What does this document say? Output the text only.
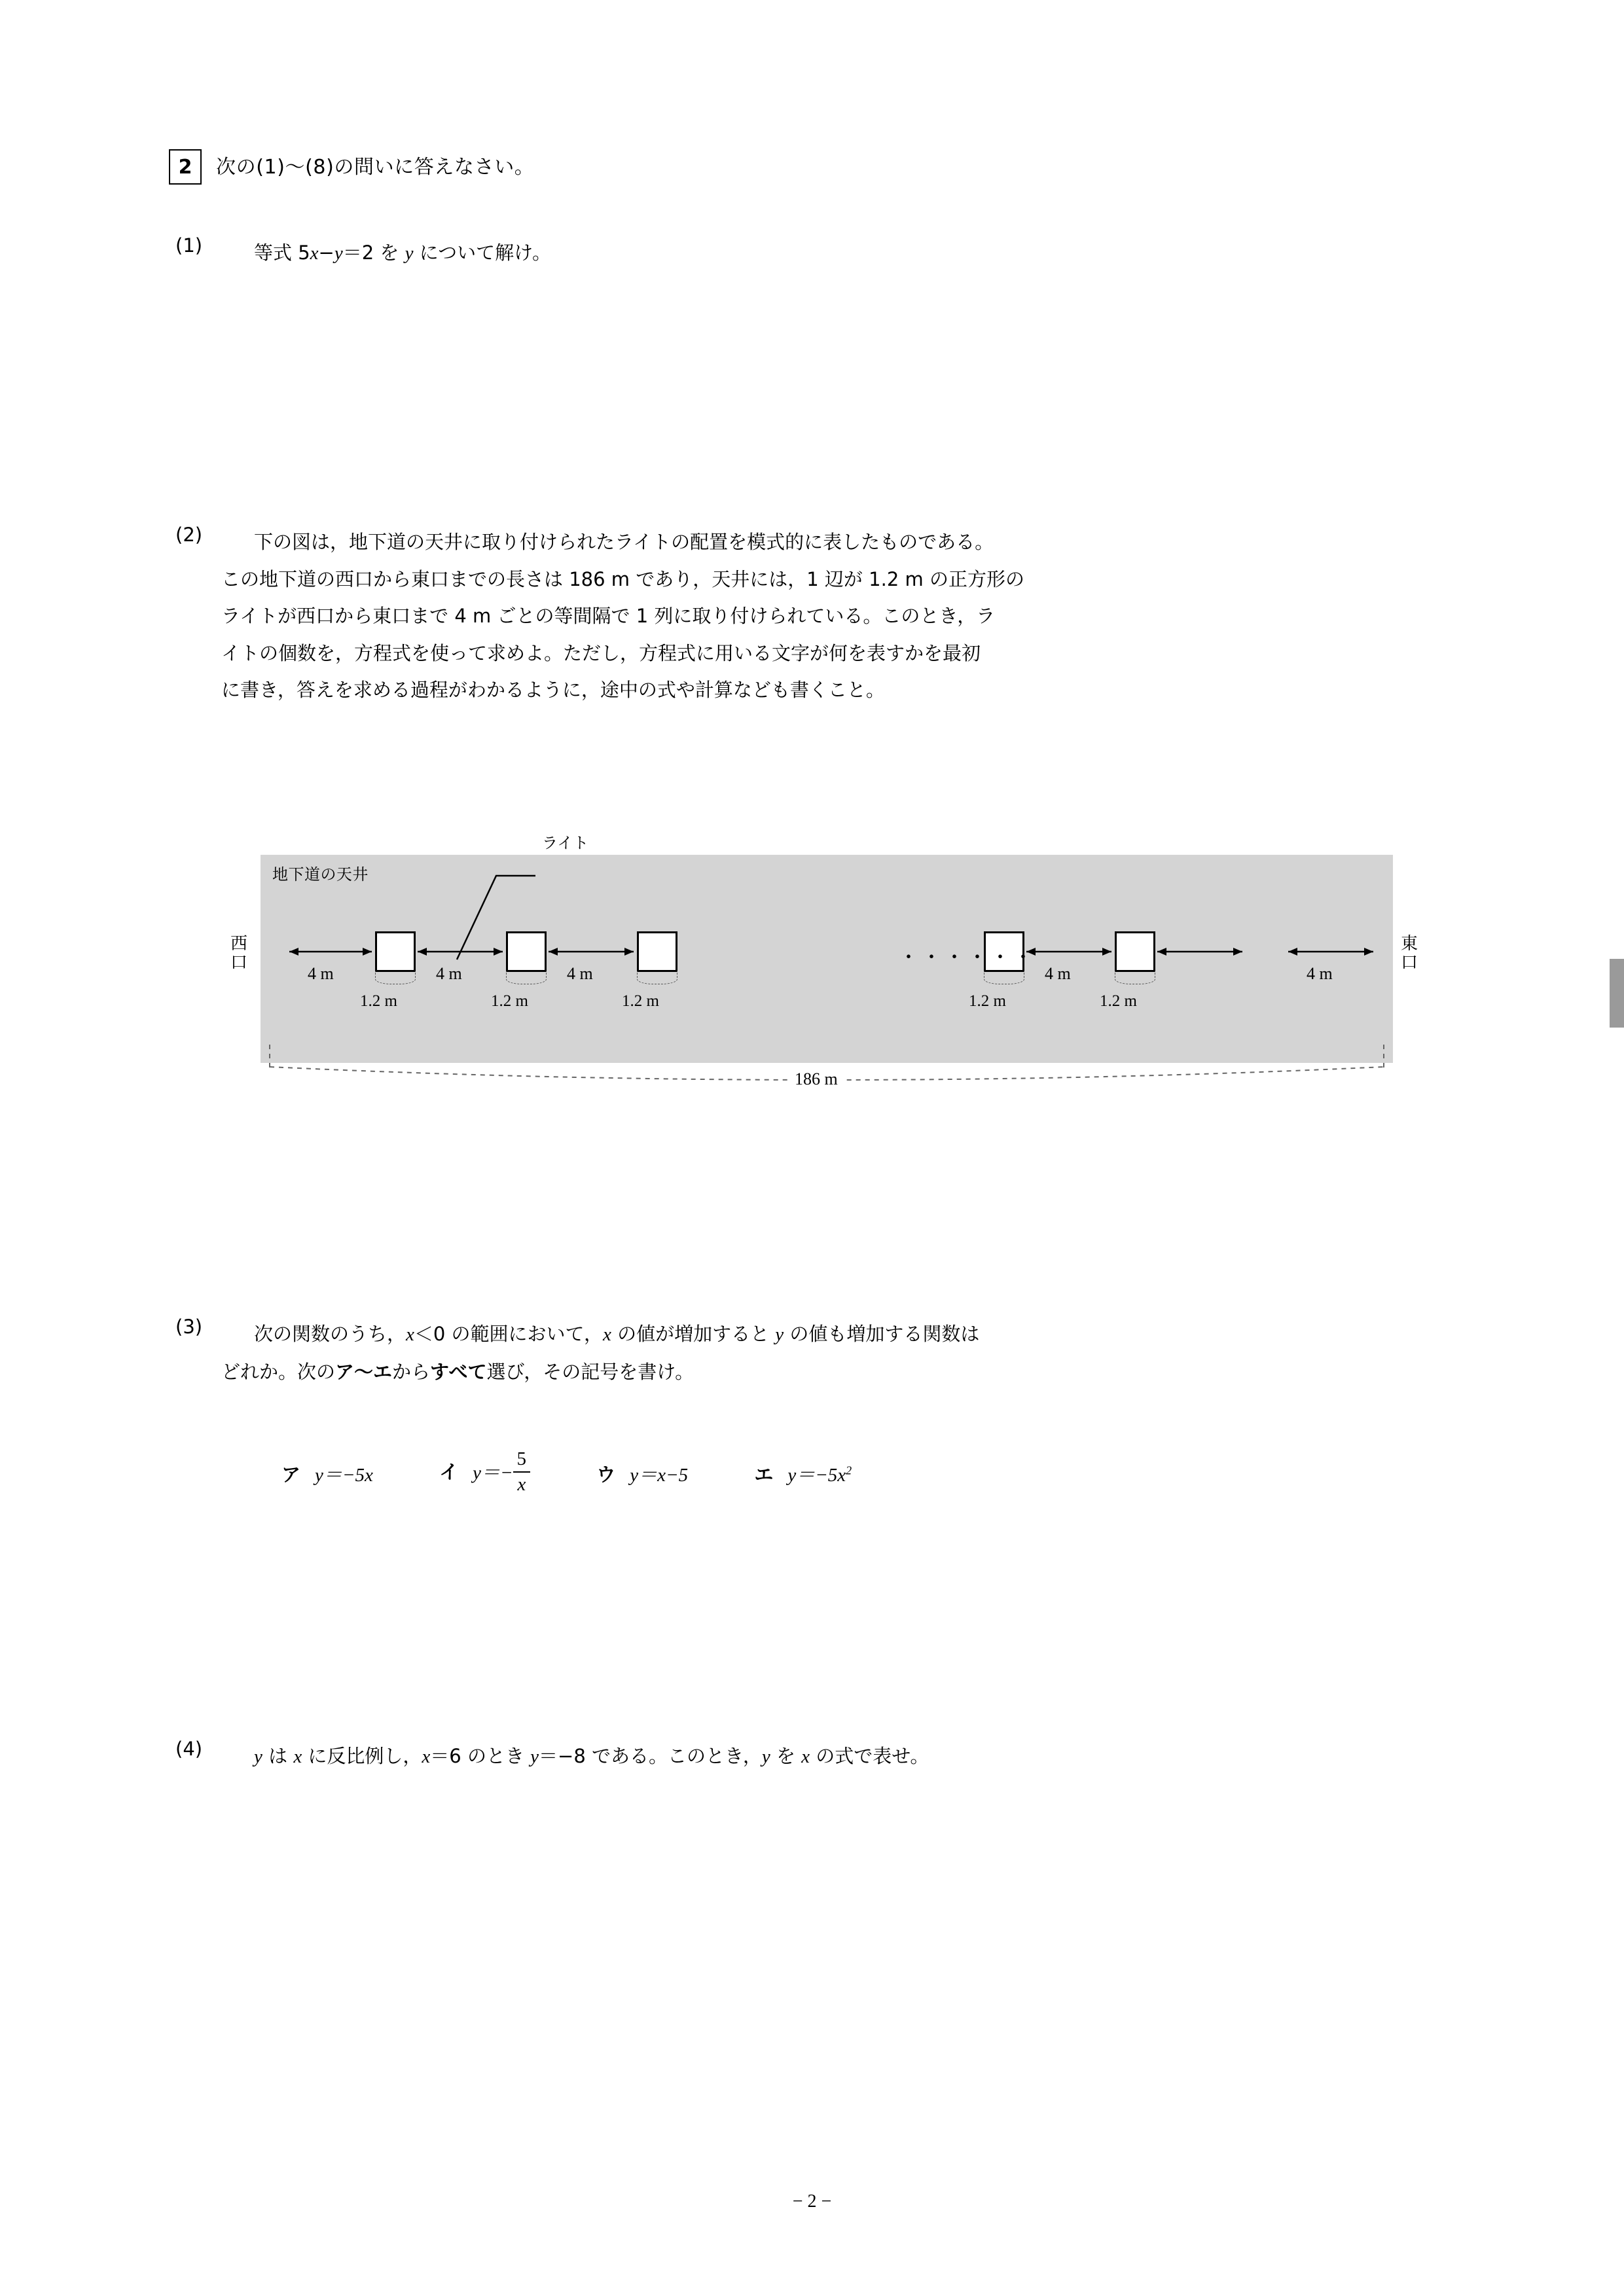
2	次の(1)〜(8)の問いに答えなさい。
(1)	等式 5x−y＝2 を y について解け。
(2)	下の図は，地下道の天井に取り付けられたライトの配置を模式的に表したものである。
この地下道の西口から東口までの長さは 186 m であり，天井には，1 辺が 1.2 m の正方形の
ライトが西口から東口まで 4 m ごとの等間隔で 1 列に取り付けられている。このとき，ラ
イトの個数を，方程式を使って求めよ。ただし，方程式に用いる文字が何を表すかを最初
に書き，答えを求める過程がわかるように，途中の式や計算なども書くこと。
地下道の天井
ライト
4 m	4 m	4 m	4 m	4 m
1.2 m	1.2 m	1.2 m	1.2 m	1.2 m
・・・・・・
186 m
西口
東口
(3)	次の関数のうち，x＜0 の範囲において，x の値が増加すると y の値も増加する関数は
どれか。次のア〜エからすべて選び，その記号を書け。
ア y＝−5x	イ $y=- \frac{5}{x}$	ウ y＝x−5	エ $y=-5x^2$
(4)	y は x に反比例し，x＝6 のとき y＝−8 である。このとき，y を x の式で表せ。
− 2 −
